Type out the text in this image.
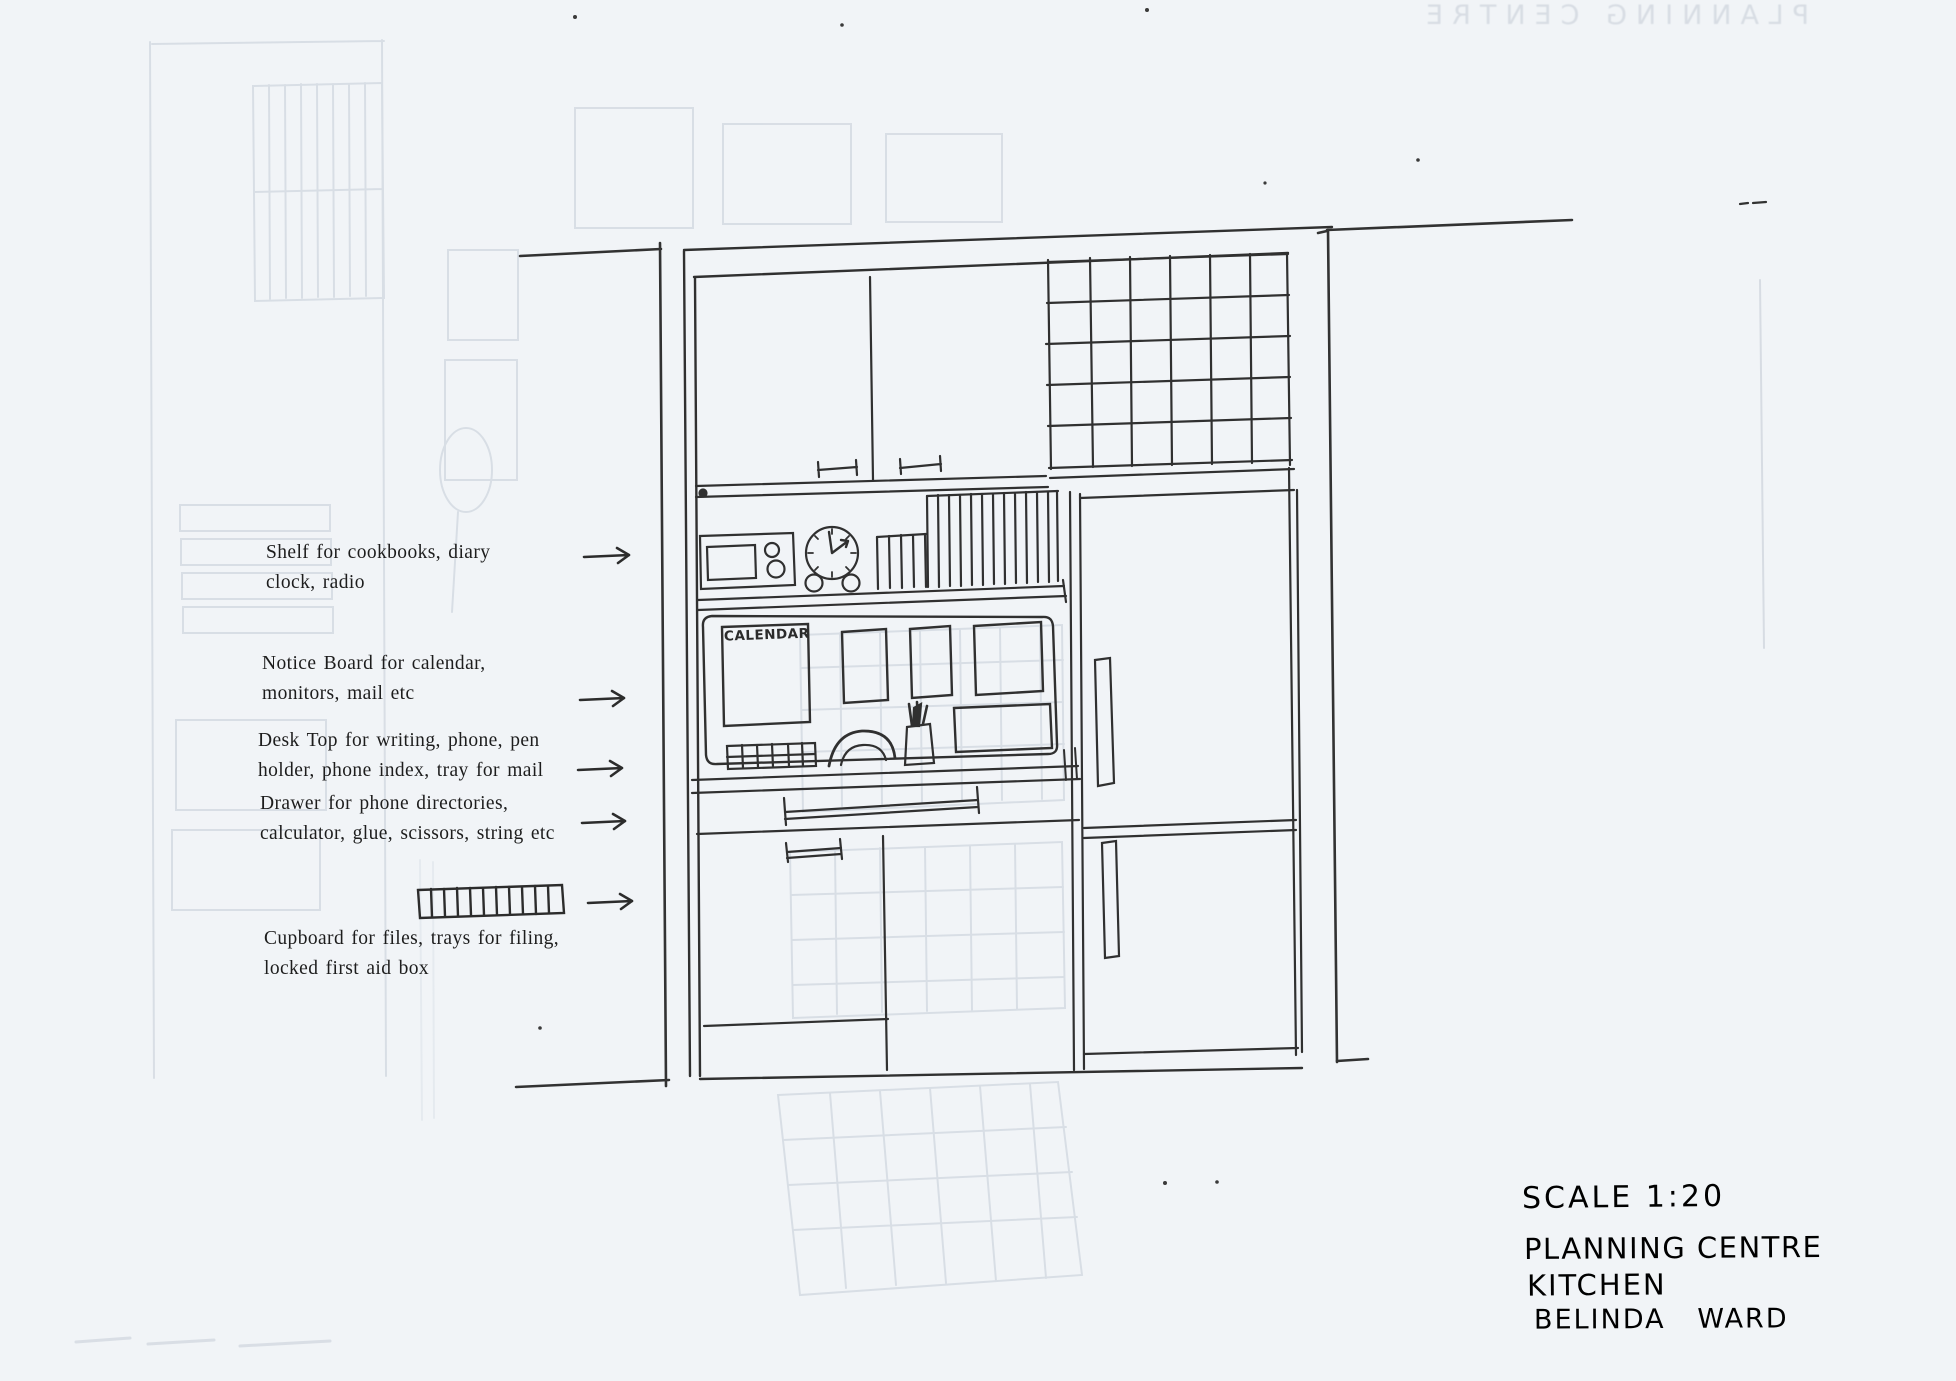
PLANNING CENTRE
Shelf for cookbooks, diary
clock, radio
Notice Board for calendar,
monitors, mail etc
Desk Top for writing, phone, pen
holder, phone index, tray for mail
Drawer for phone directories,
calculator, glue, scissors, string etc
Cupboard for files, trays for filing,
locked first aid box
CALENDAR
SCALE 1:20
PLANNING CENTRE
KITCHEN
BELINDA   WARD
